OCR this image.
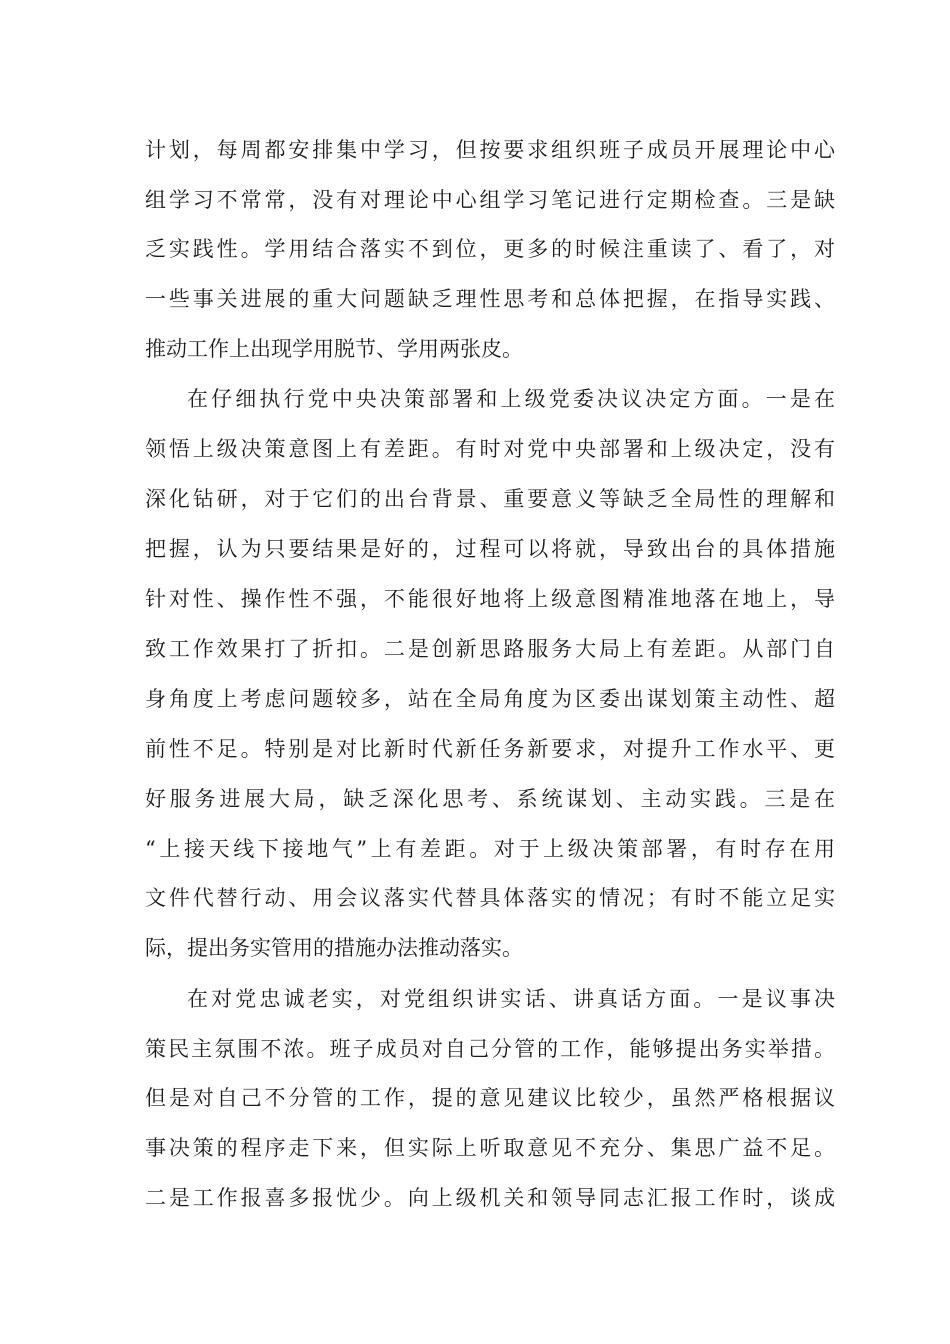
计划，每周都安排集中学习，但按要求组织班子成员开展理论中心
组学习不常常，没有对理论中心组学习笔记进行定期检查。三是缺
乏实践性。学用结合落实不到位，更多的时候注重读了、看了，对
一些事关进展的重大问题缺乏理性思考和总体把握，在指导实践、
推动工作上出现学用脱节、学用两张皮。
在仔细执行党中央决策部署和上级党委决议决定方面。一是在
领悟上级决策意图上有差距。有时对党中央部署和上级决定，没有
深化钻研，对于它们的出台背景、重要意义等缺乏全局性的理解和
把握，认为只要结果是好的，过程可以将就，导致出台的具体措施
针对性、操作性不强，不能很好地将上级意图精准地落在地上，导
致工作效果打了折扣。二是创新思路服务大局上有差距。从部门自
身角度上考虑问题较多，站在全局角度为区委出谋划策主动性、超
前性不足。特别是对比新时代新任务新要求，对提升工作水平、更
好服务进展大局，缺乏深化思考、系统谋划、主动实践。三是在
“上接天线下接地气”上有差距。对于上级决策部署，有时存在用
文件代替行动、用会议落实代替具体落实的情况；有时不能立足实
际，提出务实管用的措施办法推动落实。
在对党忠诚老实，对党组织讲实话、讲真话方面。一是议事决
策民主氛围不浓。班子成员对自己分管的工作，能够提出务实举措。
但是对自己不分管的工作，提的意见建议比较少，虽然严格根据议
事决策的程序走下来，但实际上听取意见不充分、集思广益不足。
二是工作报喜多报忧少。向上级机关和领导同志汇报工作时，谈成
